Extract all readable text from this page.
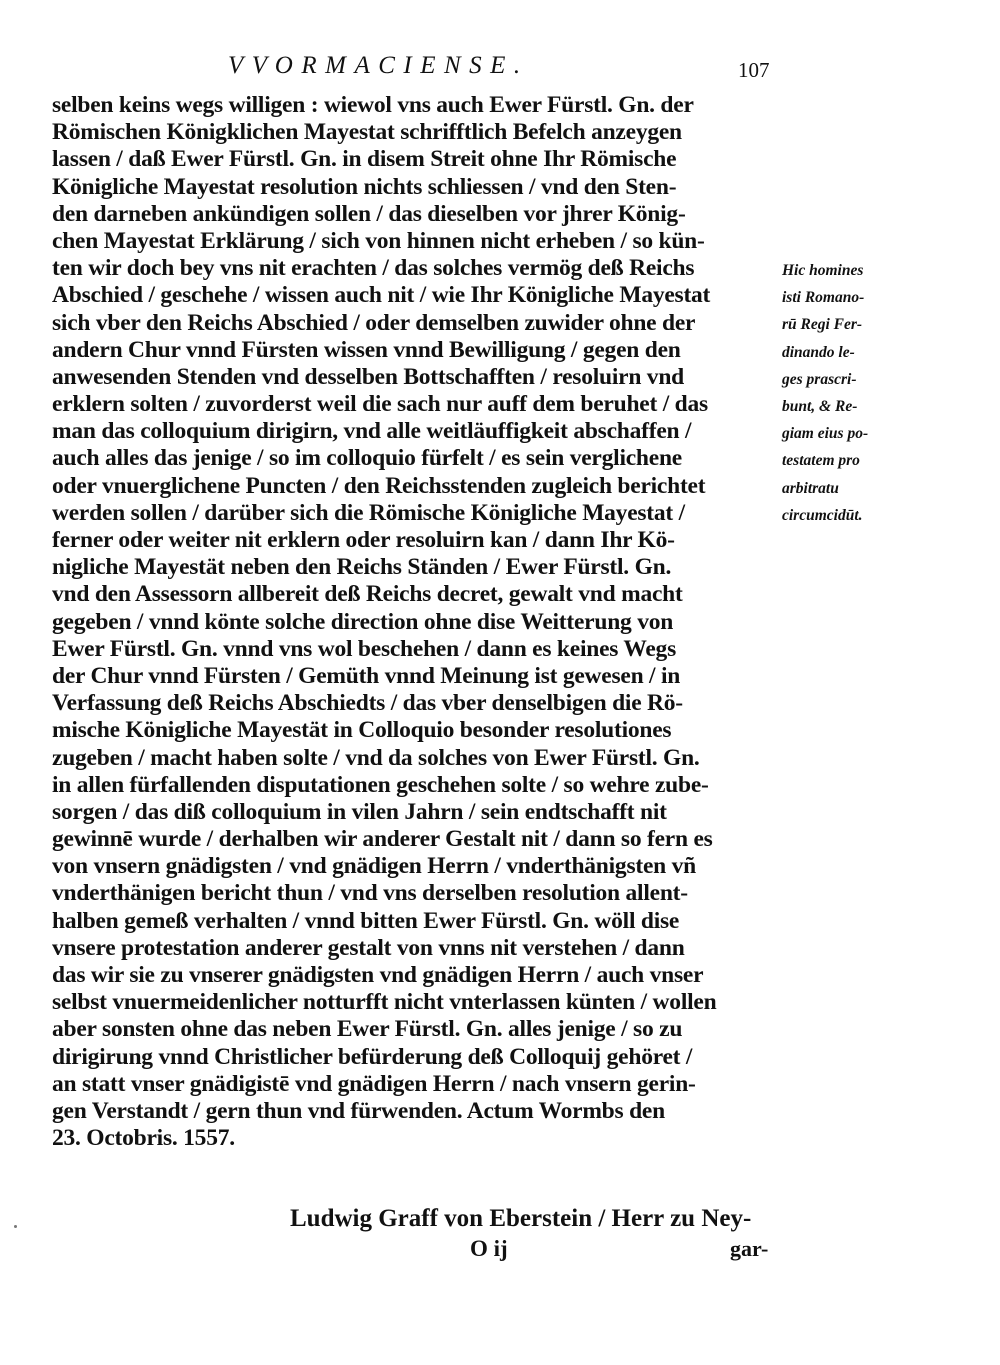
VVORMACIENSE.	107
selben keins wegs willigen : wiewol vns auch Ewer Fürstl. Gn. der
Römischen Königklichen Mayestat schrifftlich Befelch anzeygen
lassen / daß Ewer Fürstl. Gn. in disem Streit ohne Ihr Römische
Königliche Mayestat resolution nichts schliessen / vnd den Sten-
den darneben ankündigen sollen / das dieselben vor jhrer König-
chen Mayestat Erklärung / sich von hinnen nicht erheben / so kün-
ten wir doch bey vns nit erachten / das solches vermög deß Reichs
Abschied / geschehe / wissen auch nit / wie Ihr Königliche Mayestat
sich vber den Reichs Abschied / oder demselben zuwider ohne der
andern Chur vnnd Fürsten wissen vnnd Bewilligung / gegen den
anwesenden Stenden vnd desselben Bottschafften / resoluirn vnd
erklern solten / zuvorderst weil die sach nur auff dem beruhet / das
man das colloquium dirigirn, vnd alle weitläuffigkeit abschaffen /
auch alles das jenige / so im colloquio fürfelt / es sein verglichene
oder vnuerglichene Puncten / den Reichsstenden zugleich berichtet
werden sollen / darüber sich die Römische Königliche Mayestat /
ferner oder weiter nit erklern oder resoluirn kan / dann Ihr Kö-
nigliche Mayestät neben den Reichs Ständen / Ewer Fürstl. Gn.
vnd den Assessorn allbereit deß Reichs decret, gewalt vnd macht
gegeben / vnnd könte solche direction ohne dise Weitterung von
Ewer Fürstl. Gn. vnnd vns wol beschehen / dann es keines Wegs
der Chur vnnd Fürsten / Gemüth vnnd Meinung ist gewesen / in
Verfassung deß Reichs Abschiedts / das vber denselbigen die Rö-
mische Königliche Mayestät in Colloquio besonder resolutiones
zugeben / macht haben solte / vnd da solches von Ewer Fürstl. Gn.
in allen fürfallenden disputationen geschehen solte / so wehre zube-
sorgen / das diß colloquium in vilen Jahrn / sein endtschafft nit
gewinnē wurde / derhalben wir anderer Gestalt nit / dann so fern es
von vnsern gnädigsten / vnd gnädigen Herrn / vnderthänigsten vñ
vnderthänigen bericht thun / vnd vns derselben resolution allent-
halben gemeß verhalten / vnnd bitten Ewer Fürstl. Gn. wöll dise
vnsere protestation anderer gestalt von vnns nit verstehen / dann
das wir sie zu vnserer gnädigsten vnd gnädigen Herrn / auch vnser
selbst vnuermeidenlicher notturfft nicht vnterlassen künten / wollen
aber sonsten ohne das neben Ewer Fürstl. Gn. alles jenige / so zu
dirigirung vnnd Christlicher befürderung deß Colloquij gehöret /
an statt vnser gnädigistē vnd gnädigen Herrn / nach vnsern gerin-
gen Verstandt / gern thun vnd fürwenden. Actum Wormbs den
23. Octobris. 1557.
Hic homines
isti Romano-
rū Regi Fer-
dinando le-
ges prascri-
bunt, & Re-
giam eius po-
testatem pro
arbitratu
circumcidūt.
Ludwig Graff von Eberstein / Herr zu Ney-
O ij	gar-
